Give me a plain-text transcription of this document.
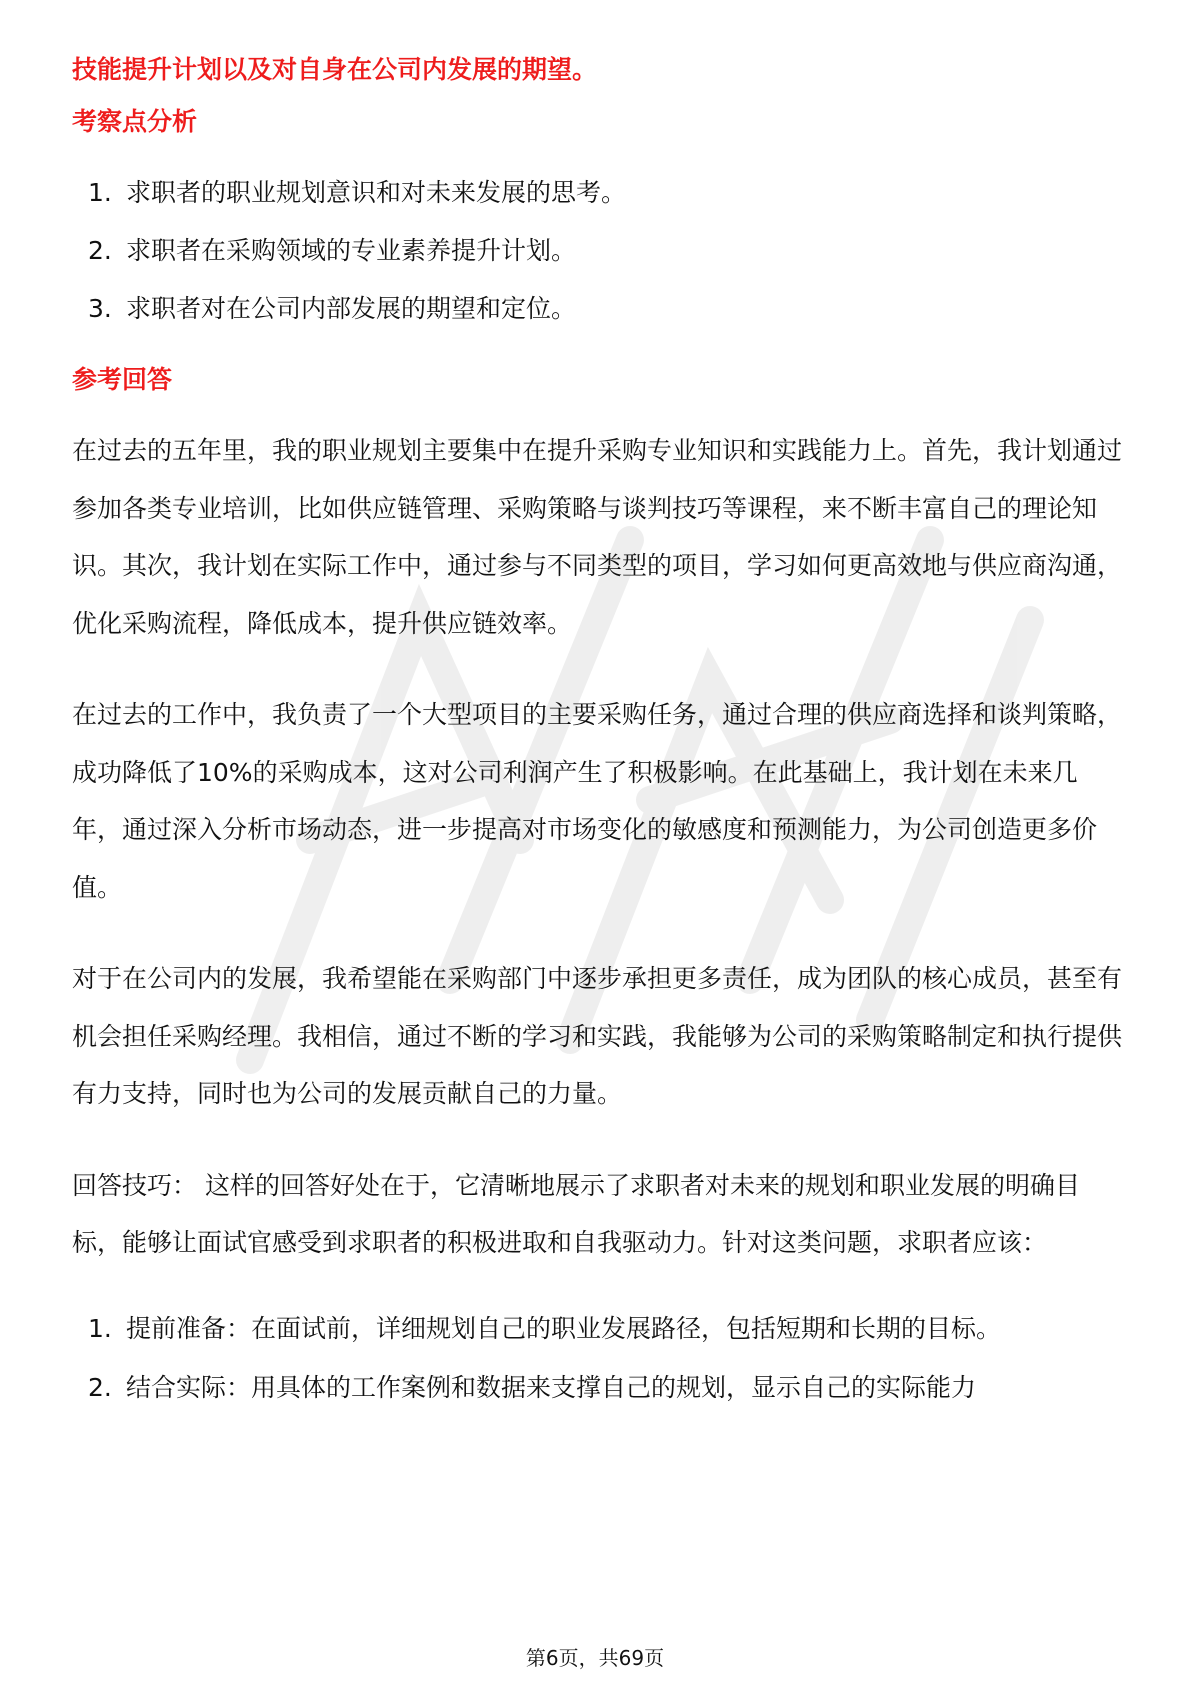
技能提升计划以及对自身在公司内发展的期望。

考察点分析

1. 求职者的职业规划意识和对未来发展的思考。
2. 求职者在采购领域的专业素养提升计划。
3. 求职者对在公司内部发展的期望和定位。

参考回答

在过去的五年里，我的职业规划主要集中在提升采购专业知识和实践能力上。首先，我计划通过参加各类专业培训，比如供应链管理、采购策略与谈判技巧等课程，来不断丰富自己的理论知识。其次，我计划在实际工作中，通过参与不同类型的项目，学习如何更高效地与供应商沟通，优化采购流程，降低成本，提升供应链效率。

在过去的工作中，我负责了一个大型项目的主要采购任务，通过合理的供应商选择和谈判策略，成功降低了10%的采购成本，这对公司利润产生了积极影响。在此基础上，我计划在未来几年，通过深入分析市场动态，进一步提高对市场变化的敏感度和预测能力，为公司创造更多价值。

对于在公司内的发展，我希望能在采购部门中逐步承担更多责任，成为团队的核心成员，甚至有机会担任采购经理。我相信，通过不断的学习和实践，我能够为公司的采购策略制定和执行提供有力支持，同时也为公司的发展贡献自己的力量。

回答技巧： 这样的回答好处在于，它清晰地展示了求职者对未来的规划和职业发展的明确目标，能够让面试官感受到求职者的积极进取和自我驱动力。针对这类问题，求职者应该：

1. 提前准备：在面试前，详细规划自己的职业发展路径，包括短期和长期的目标。
2. 结合实际：用具体的工作案例和数据来支撑自己的规划，显示自己的实际能力
第6页，共69页
